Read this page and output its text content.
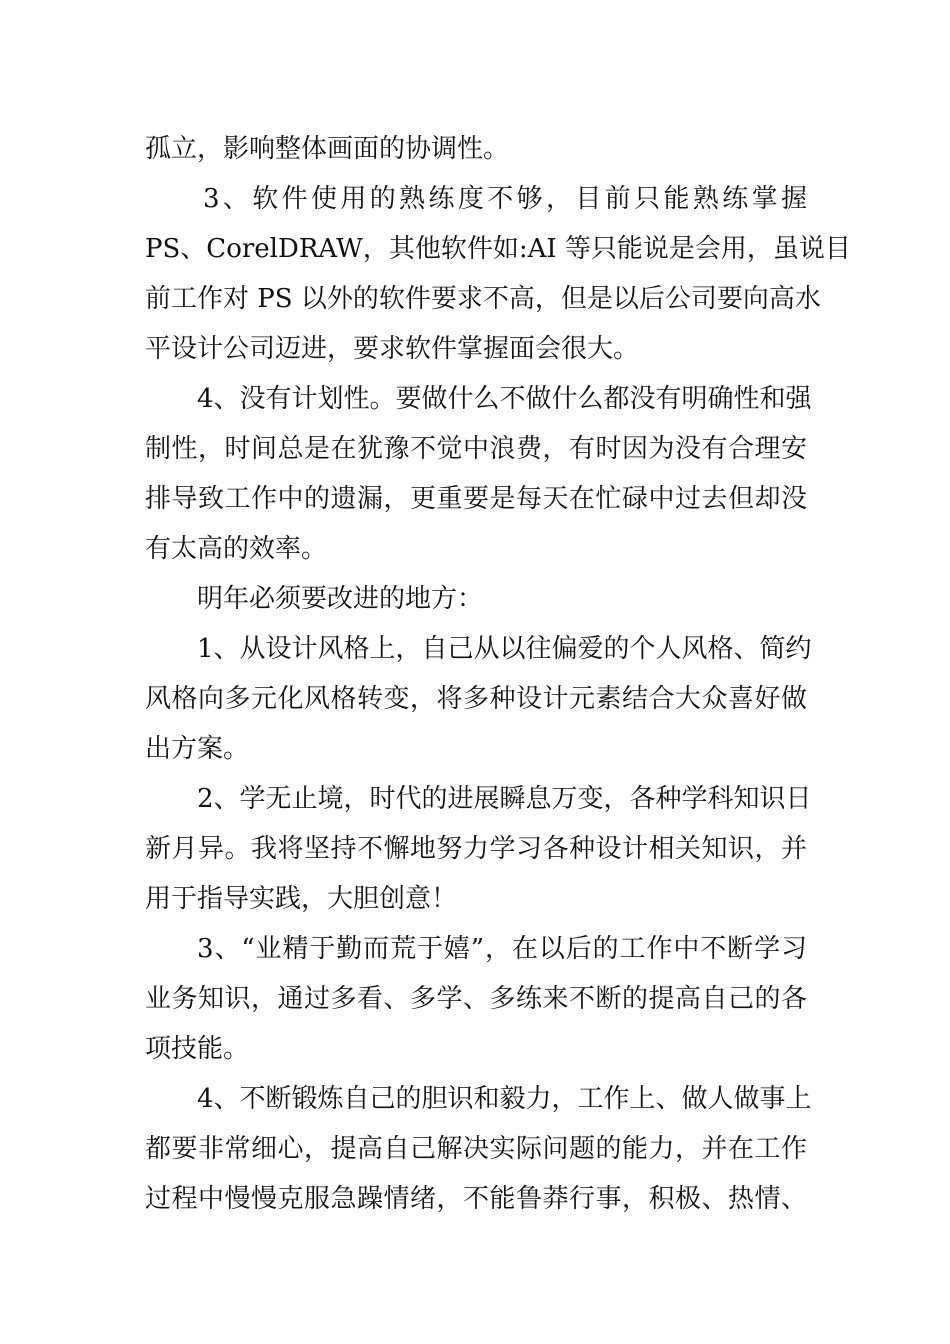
孤立，影响整体画面的协调性。
3、软件使用的熟练度不够，目前只能熟练掌握
PS、CorelDRAW，其他软件如:AI 等只能说是会用，虽说目
前工作对 PS 以外的软件要求不高，但是以后公司要向高水
平设计公司迈进，要求软件掌握面会很大。
4、没有计划性。要做什么不做什么都没有明确性和强
制性，时间总是在犹豫不觉中浪费，有时因为没有合理安
排导致工作中的遗漏，更重要是每天在忙碌中过去但却没
有太高的效率。
明年必须要改进的地方：
1、从设计风格上，自己从以往偏爱的个人风格、简约
风格向多元化风格转变，将多种设计元素结合大众喜好做
出方案。
2、学无止境，时代的进展瞬息万变，各种学科知识日
新月异。我将坚持不懈地努力学习各种设计相关知识，并
用于指导实践，大胆创意！
3、“业精于勤而荒于嬉”，在以后的工作中不断学习
业务知识，通过多看、多学、多练来不断的提高自己的各
项技能。
4、不断锻炼自己的胆识和毅力，工作上、做人做事上
都要非常细心，提高自己解决实际问题的能力，并在工作
过程中慢慢克服急躁情绪，不能鲁莽行事，积极、热情、
